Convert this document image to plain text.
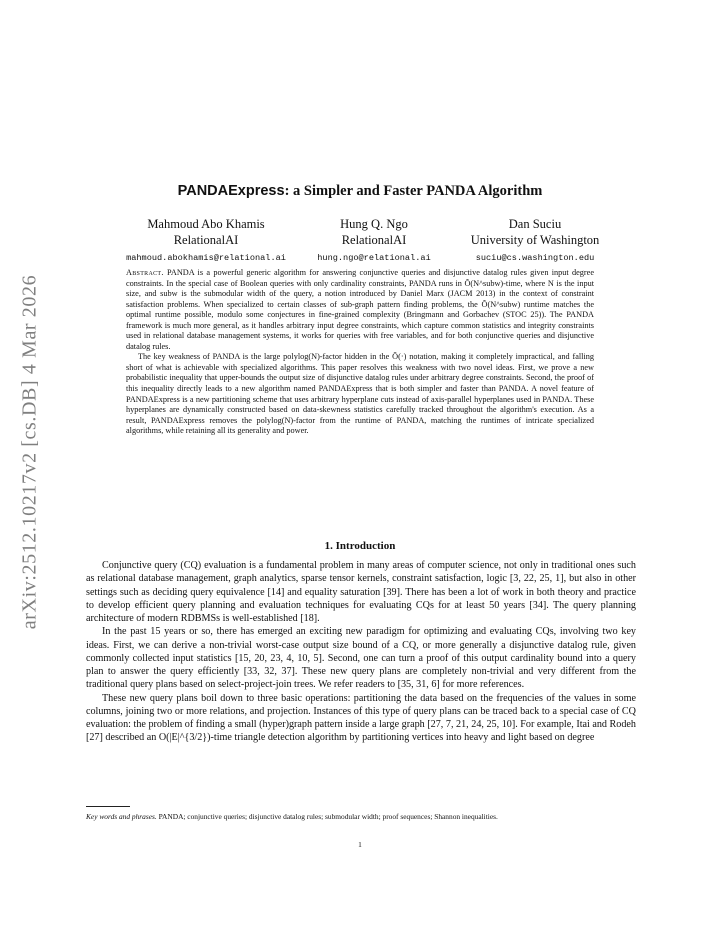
arXiv:2512.10217v2 [cs.DB] 4 Mar 2026
PANDAExpress: a Simpler and Faster PANDA Algorithm
Mahmoud Abo Khamis
RelationalAI
mahmoud.abokhamis@relational.ai
Hung Q. Ngo
RelationalAI
hung.ngo@relational.ai
Dan Suciu
University of Washington
suciu@cs.washington.edu

Abstract. PANDA is a powerful generic algorithm for answering conjunctive queries and disjunctive datalog rules given input degree constraints. In the special case of Boolean queries with only cardinality constraints, PANDA runs in Õ(N^subw)-time, where N is the input size, and subw is the submodular width of the query, a notion introduced by Daniel Marx (JACM 2013) in the context of constraint satisfaction problems. When specialized to certain classes of sub-graph pattern finding problems, the Õ(N^subw) runtime matches the optimal runtime possible, modulo some conjectures in fine-grained complexity (Bringmann and Gorbachev (STOC 25)). The PANDA framework is much more general, as it handles arbitrary input degree constraints, which capture common statistics and integrity constraints used in relational database management systems, it works for queries with free variables, and for both conjunctive queries and disjunctive datalog rules.

The key weakness of PANDA is the large polylog(N)-factor hidden in the Õ(·) notation, making it completely impractical, and falling short of what is achievable with specialized algorithms. This paper resolves this weakness with two novel ideas. First, we prove a new probabilistic inequality that upper-bounds the output size of disjunctive datalog rules under arbitrary degree constraints. Second, the proof of this inequality directly leads to a new algorithm named PANDAExpress that is both simpler and faster than PANDA. A novel feature of PANDAExpress is a new partitioning scheme that uses arbitrary hyperplane cuts instead of axis-parallel hyperplanes used in PANDA. These hyperplanes are dynamically constructed based on data-skewness statistics carefully tracked throughout the algorithm's execution. As a result, PANDAExpress removes the polylog(N)-factor from the runtime of PANDA, matching the runtimes of intricate specialized algorithms, while retaining all its generality and power.

1. Introduction

Conjunctive query (CQ) evaluation is a fundamental problem in many areas of computer science, not only in traditional ones such as relational database management, graph analytics, sparse tensor kernels, constraint satisfaction, logic [3, 22, 25, 1], but also in other settings such as deciding query equivalence [14] and equality saturation [39]. There has been a lot of work in both theory and practice to develop efficient query planning and evaluation techniques for evaluating CQs for at least 50 years [34]. The query planning architecture of modern RDBMSs is well-established [18].

In the past 15 years or so, there has emerged an exciting new paradigm for optimizing and evaluating CQs, involving two key ideas. First, we can derive a non-trivial worst-case output size bound of a CQ, or more generally a disjunctive datalog rule, given commonly collected input statistics [15, 20, 23, 4, 10, 5]. Second, one can turn a proof of this output cardinality bound into a query plan to answer the query efficiently [33, 32, 37]. These new query plans are completely non-trivial and very different from the traditional query plans based on select-project-join trees. We refer readers to [35, 31, 6] for more references.

These new query plans boil down to three basic operations: partitioning the data based on the frequencies of the values in some columns, joining two or more relations, and projection. Instances of this type of query plans can be traced back to a special case of CQ evaluation: the problem of finding a small (hyper)graph pattern inside a large graph [27, 7, 21, 24, 25, 10]. For example, Itai and Rodeh [27] described an O(|E|^{3/2})-time triangle detection algorithm by partitioning vertices into heavy and light based on degree

Key words and phrases. PANDA; conjunctive queries; disjunctive datalog rules; submodular width; proof sequences; Shannon inequalities.
1
